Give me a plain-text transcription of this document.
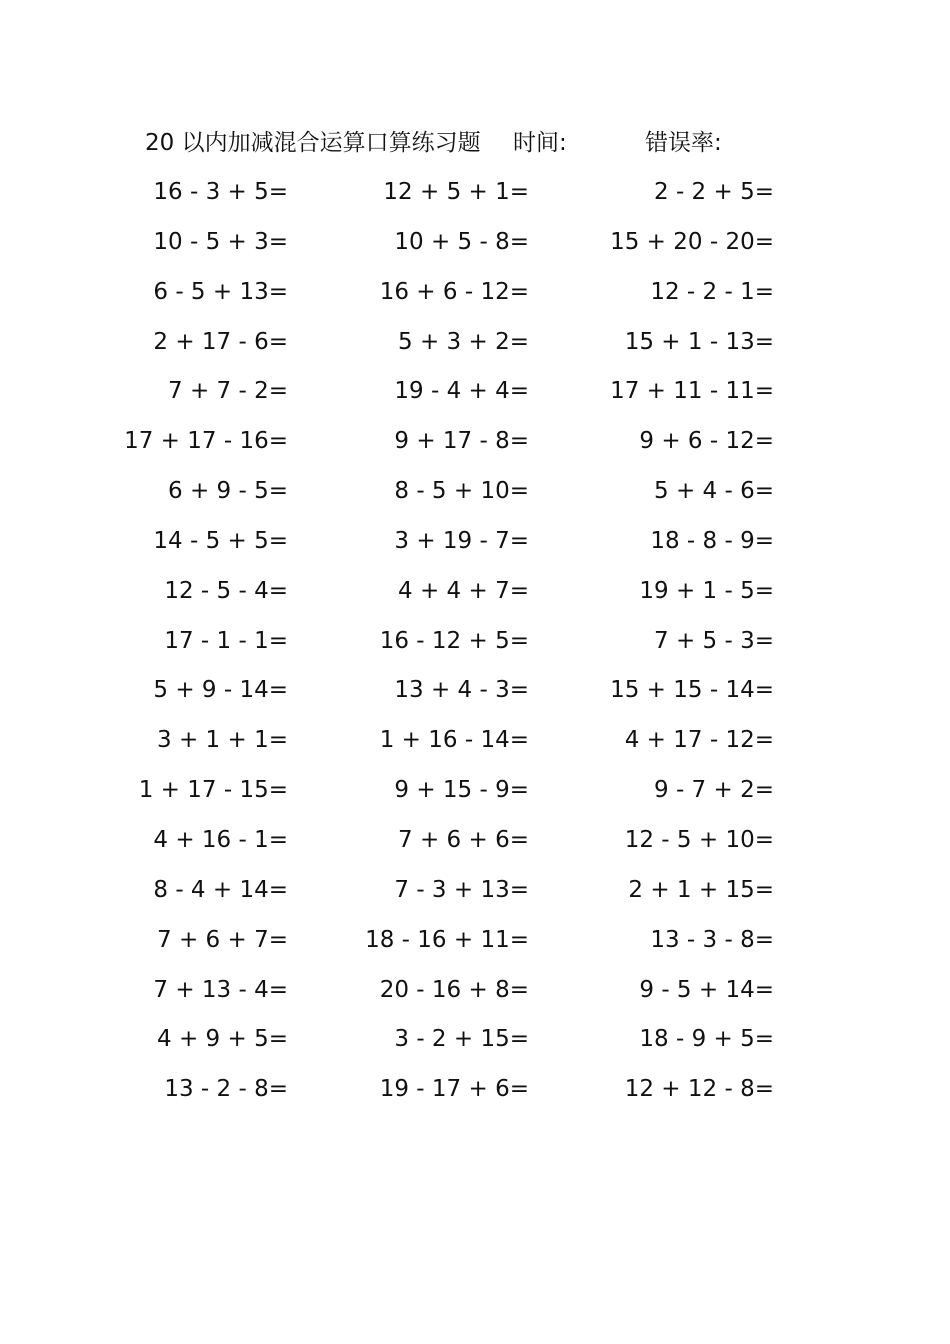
20 以内加减混合运算口算练习题 时间:	错误率:
16 - 3 + 5=	12 + 5 + 1=	2 - 2 + 5=
10 - 5 + 3=	10 + 5 - 8=	15 + 20 - 20=
6 - 5 + 13=	16 + 6 - 12=	12 - 2 - 1=
2 + 17 - 6=	5 + 3 + 2=	15 + 1 - 13=
7 + 7 - 2=	19 - 4 + 4=	17 + 11 - 11=
17 + 17 - 16=	9 + 17 - 8=	9 + 6 - 12=
6 + 9 - 5=	8 - 5 + 10=	5 + 4 - 6=
14 - 5 + 5=	3 + 19 - 7=	18 - 8 - 9=
12 - 5 - 4=	4 + 4 + 7=	19 + 1 - 5=
17 - 1 - 1=	16 - 12 + 5=	7 + 5 - 3=
5 + 9 - 14=	13 + 4 - 3=	15 + 15 - 14=
3 + 1 + 1=	1 + 16 - 14=	4 + 17 - 12=
1 + 17 - 15=	9 + 15 - 9=	9 - 7 + 2=
4 + 16 - 1=	7 + 6 + 6=	12 - 5 + 10=
8 - 4 + 14=	7 - 3 + 13=	2 + 1 + 15=
7 + 6 + 7=	18 - 16 + 11=	13 - 3 - 8=
7 + 13 - 4=	20 - 16 + 8=	9 - 5 + 14=
4 + 9 + 5=	3 - 2 + 15=	18 - 9 + 5=
13 - 2 - 8=	19 - 17 + 6=	12 + 12 - 8=
